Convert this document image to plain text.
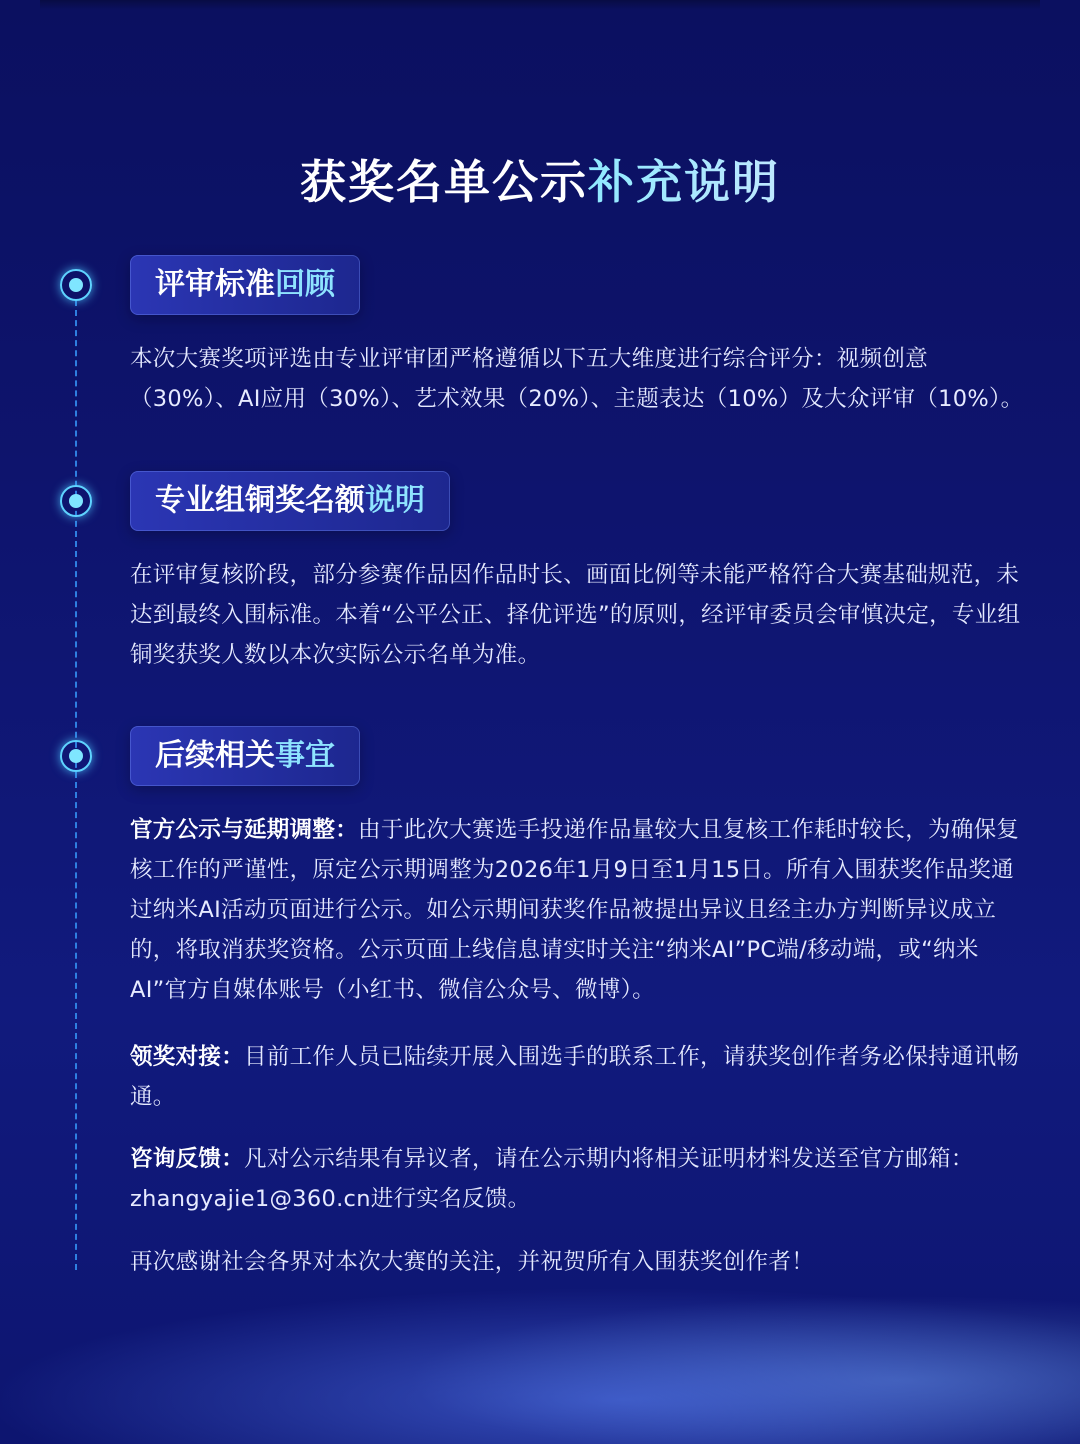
获奖名单公示补充说明
评审标准回顾

本次大赛奖项评选由专业评审团严格遵循以下五大维度进行综合评分：视频创意（30%）、AI应用（30%）、艺术效果（20%）、主题表达（10%）及大众评审（10%）。

专业组铜奖名额说明

在评审复核阶段，部分参赛作品因作品时长、画面比例等未能严格符合大赛基础规范，未达到最终入围标准。本着“公平公正、择优评选”的原则，经评审委员会审慎决定，专业组铜奖获奖人数以本次实际公示名单为准。

后续相关事宜

官方公示与延期调整：由于此次大赛选手投递作品量较大且复核工作耗时较长，为确保复核工作的严谨性，原定公示期调整为2026年1月9日至1月15日。所有入围获奖作品奖通过纳米AI活动页面进行公示。如公示期间获奖作品被提出异议且经主办方判断异议成立的，将取消获奖资格。公示页面上线信息请实时关注“纳米AI”PC端/移动端，或“纳米AI”官方自媒体账号（小红书、微信公众号、微博）。

领奖对接：目前工作人员已陆续开展入围选手的联系工作，请获奖创作者务必保持通讯畅通。

咨询反馈：凡对公示结果有异议者，请在公示期内将相关证明材料发送至官方邮箱：zhangyajie1@360.cn进行实名反馈。

再次感谢社会各界对本次大赛的关注，并祝贺所有入围获奖创作者！
